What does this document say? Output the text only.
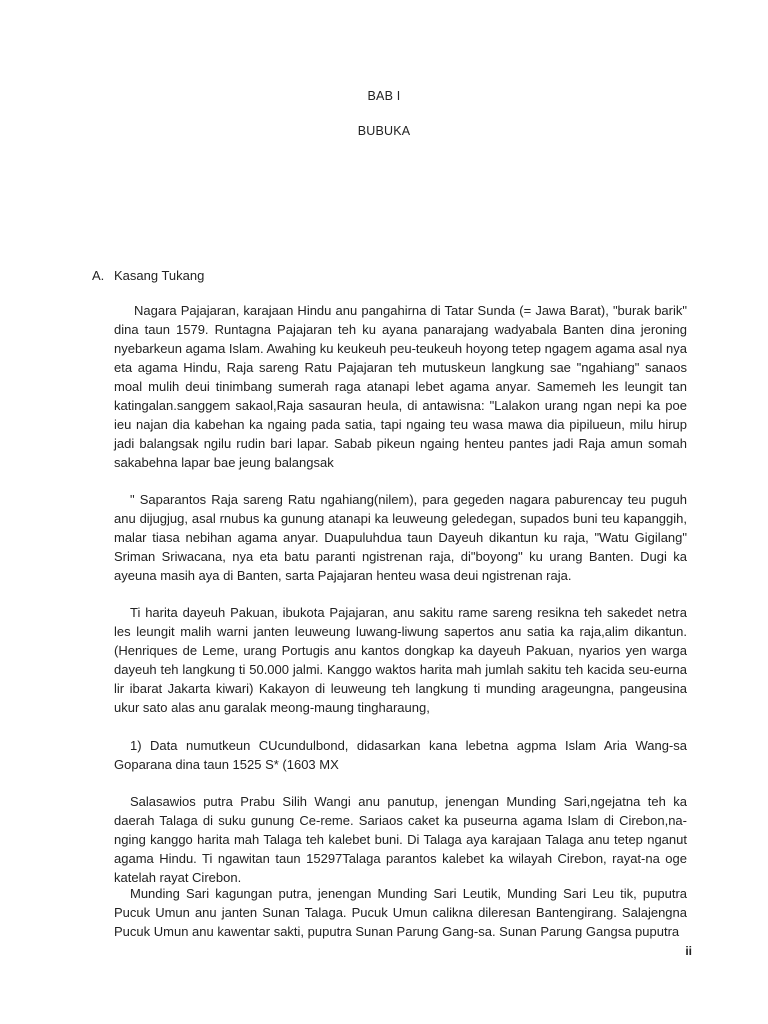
BAB I
BUBUKA
A. Kasang Tukang

Nagara Pajajaran, karajaan Hindu anu pangahirna di Tatar Sunda (= Jawa Barat), "burak barik" dina taun 1579. Runtagna Pajajaran teh ku ayana panarajang wadyabala Banten dina jeroning nyebarkeun agama Islam. Awahing ku keukeuh peu-teukeuh hoyong tetep ngagem agama asal nya eta agama Hindu, Raja sareng Ratu Pajajaran teh mutuskeun langkung sae "ngahiang" sanaos moal mulih deui tinimbang sumerah raga atanapi lebet agama anyar. Samemeh les leungit tan katingalan.sanggem sakaol,Raja sasauran heula, di antawisna: "Lalakon urang ngan nepi ka poe ieu najan dia kabehan ka ngaing pada satia, tapi ngaing teu wasa mawa dia pipilueun, milu hirup jadi balangsak ngilu rudin bari lapar. Sabab pikeun ngaing henteu pantes jadi Raja amun somah sakabehna lapar bae jeung balangsak

" Saparantos Raja sareng Ratu ngahiang(nilem), para gegeden nagara paburencay teu puguh anu dijugjug, asal rnubus ka gunung atanapi ka leuweung geledegan, supados buni teu kapanggih, malar tiasa nebihan agama anyar. Duapuluhdua taun Dayeuh dikantun ku raja, "Watu Gigilang" Sriman Sriwacana, nya eta batu paranti ngistrenan raja, di"boyong" ku urang Banten. Dugi ka ayeuna masih aya di Banten, sarta Pajajaran henteu wasa deui ngistrenan raja.

Ti harita dayeuh Pakuan, ibukota Pajajaran, anu sakitu rame sareng resikna teh sakedet netra les leungit malih warni janten leuweung luwang-liwung sapertos anu satia ka raja,alim dikantun. (Henriques de Leme, urang Portugis anu kantos dongkap ka dayeuh Pakuan, nyarios yen warga dayeuh teh langkung ti 50.000 jalmi. Kanggo waktos harita mah jumlah sakitu teh kacida seu-eurna lir ibarat Jakarta kiwari) Kakayon di leuweung teh langkung ti munding arageungna, pangeusina ukur sato alas anu garalak meong-maung tingharaung,

1) Data numutkeun CUcundulbond, didasarkan kana lebetna agpma Islam Aria Wang-sa Goparana dina taun 1525 S* (1603 MX

Salasawios putra Prabu Silih Wangi anu panutup, jenengan Munding Sari,ngejatna teh ka daerah Talaga di suku gunung Ce-reme. Sariaos caket ka puseurna agama Islam di Cirebon,na-nging kanggo harita mah Talaga teh kalebet buni. Di Talaga aya karajaan Talaga anu tetep nganut agama Hindu. Ti ngawitan taun 15297Talaga parantos kalebet ka wilayah Cirebon, rayat-na oge katelah rayat Cirebon.

Munding Sari kagungan putra, jenengan Munding Sari Leutik, Munding Sari Leu tik, puputra Pucuk Umun anu janten Sunan Talaga. Pucuk Umun calikna dileresan Bantengirang. Salajengna Pucuk Umun anu kawentar sakti, puputra Sunan Parung Gang-sa. Sunan Parung Gangsa puputra

ii
